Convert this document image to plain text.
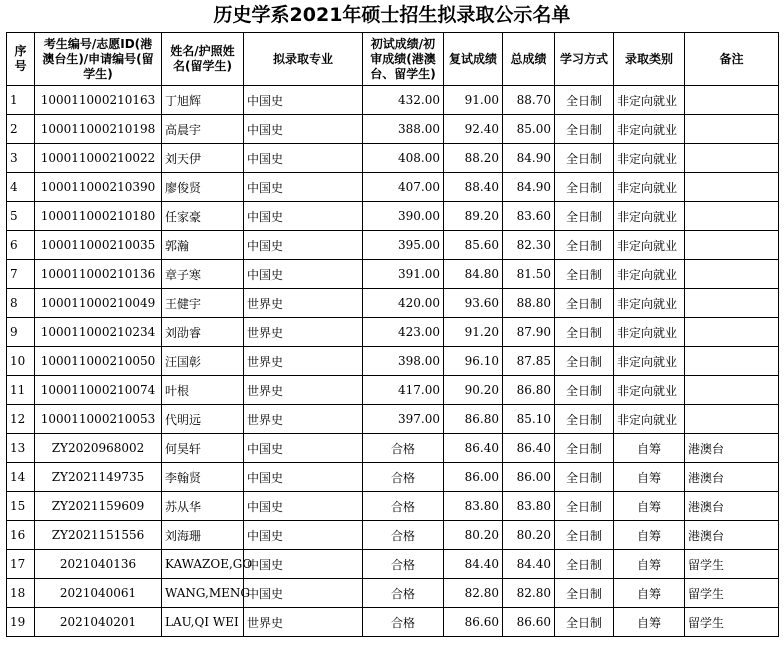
历史学系2021年硕士招生拟录取公示名单
序号	考生编号/志愿ID(港澳台生)/申请编号(留学生)	姓名/护照姓名(留学生)	拟录取专业	初试成绩/初审成绩(港澳台、留学生)	复试成绩	总成绩	学习方式	录取类别	备注
1	100011000210163	丁旭辉	中国史	432.00	91.00	88.70	全日制	非定向就业	
2	100011000210198	高晨宇	中国史	388.00	92.40	85.00	全日制	非定向就业	
3	100011000210022	刘天伊	中国史	408.00	88.20	84.90	全日制	非定向就业	
4	100011000210390	廖俊贤	中国史	407.00	88.40	84.90	全日制	非定向就业	
5	100011000210180	任家豪	中国史	390.00	89.20	83.60	全日制	非定向就业	
6	100011000210035	郭瀚	中国史	395.00	85.60	82.30	全日制	非定向就业	
7	100011000210136	章子寒	中国史	391.00	84.80	81.50	全日制	非定向就业	
8	100011000210049	王健宇	世界史	420.00	93.60	88.80	全日制	非定向就业	
9	100011000210234	刘劭睿	世界史	423.00	91.20	87.90	全日制	非定向就业	
10	100011000210050	汪国彰	世界史	398.00	96.10	87.85	全日制	非定向就业	
11	100011000210074	叶根	世界史	417.00	90.20	86.80	全日制	非定向就业	
12	100011000210053	代明远	世界史	397.00	86.80	85.10	全日制	非定向就业	
13	ZY2020968002	何昊轩	中国史	合格	86.40	86.40	全日制	自筹	港澳台
14	ZY2021149735	李翰贤	中国史	合格	86.00	86.00	全日制	自筹	港澳台
15	ZY2021159609	苏从华	中国史	合格	83.80	83.80	全日制	自筹	港澳台
16	ZY2021151556	刘海珊	中国史	合格	80.20	80.20	全日制	自筹	港澳台
17	2021040136	KAWAZOE,GO	中国史	合格	84.40	84.40	全日制	自筹	留学生
18	2021040061	WANG,MENG	中国史	合格	82.80	82.80	全日制	自筹	留学生
19	2021040201	LAU,QI WEI	世界史	合格	86.60	86.60	全日制	自筹	留学生
